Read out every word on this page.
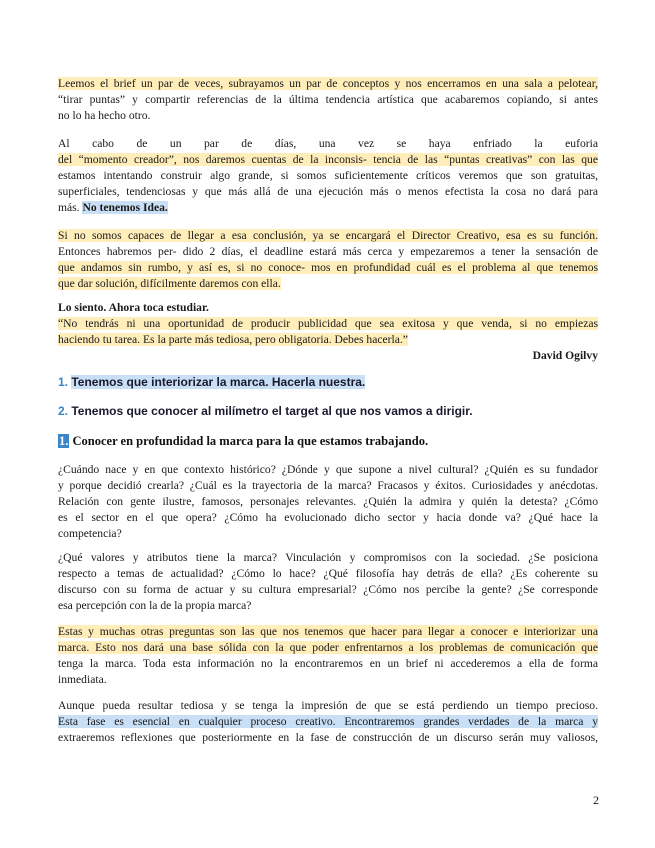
Leemos el brief un par de veces, subrayamos un par de conceptos y nos encerramos en una sala a pelotear,
“tirar puntas” y compartir referencias de la última tendencia artística que acabaremos copiando, si antes
no lo ha hecho otro.

Al cabo de un par de días, una vez se haya enfriado la euforia
del “momento creador”, nos daremos cuentas de la inconsis- tencia de las “puntas creativas” con las que
estamos intentando construir algo grande, si somos suficientemente críticos veremos que son gratuitas,
superficiales, tendenciosas y que más allá de una ejecución más o menos efectista la cosa no dará para
más. No tenemos Idea.

Si no somos capaces de llegar a esa conclusión, ya se encargará el Director Creativo, esa es su función.
Entonces habremos per- dido 2 días, el deadline estará más cerca y empezaremos a tener la sensación de
que andamos sin rumbo, y así es, si no conoce- mos en profundidad cuál es el problema al que tenemos
que dar solución, difícilmente daremos con ella.

Lo siento. Ahora toca estudiar.
“No tendrás ni una oportunidad de producir publicidad que sea exitosa y que venda, si no empiezas
haciendo tu tarea. Es la parte más tediosa, pero obligatoria. Debes hacerla.”
David Ogilvy

1. Tenemos que interiorizar la marca. Hacerla nuestra.
2. Tenemos que conocer al milímetro el target al que nos vamos a dirigir.
1. Conocer en profundidad la marca para la que estamos trabajando.

¿Cuándo nace y en que contexto histórico? ¿Dónde y que supone a nivel cultural? ¿Quién es su fundador
y porque decidió crearla? ¿Cuál es la trayectoria de la marca? Fracasos y éxitos. Curiosidades y anécdotas.
Relación con gente ilustre, famosos, personajes relevantes. ¿Quién la admira y quién la detesta? ¿Cómo
es el sector en el que opera? ¿Cómo ha evolucionado dicho sector y hacia donde va? ¿Qué hace la
competencia?

¿Qué valores y atributos tiene la marca? Vinculación y compromisos con la sociedad. ¿Se posiciona
respecto a temas de actualidad? ¿Cómo lo hace? ¿Qué filosofía hay detrás de ella? ¿Es coherente su
discurso con su forma de actuar y su cultura empresarial? ¿Cómo nos percibe la gente? ¿Se corresponde
esa percepción con la de la propia marca?

Estas y muchas otras preguntas son las que nos tenemos que hacer para llegar a conocer e interiorizar una
marca. Esto nos dará una base sólida con la que poder enfrentarnos a los problemas de comunicación que
tenga la marca. Toda esta información no la encontraremos en un brief ni accederemos a ella de forma
inmediata.

Aunque pueda resultar tediosa y se tenga la impresión de que se está perdiendo un tiempo precioso.
Esta fase es esencial en cualquier proceso creativo. Encontraremos grandes verdades de la marca y
extraeremos reflexiones que posteriormente en la fase de construcción de un discurso serán muy valiosos,

2
